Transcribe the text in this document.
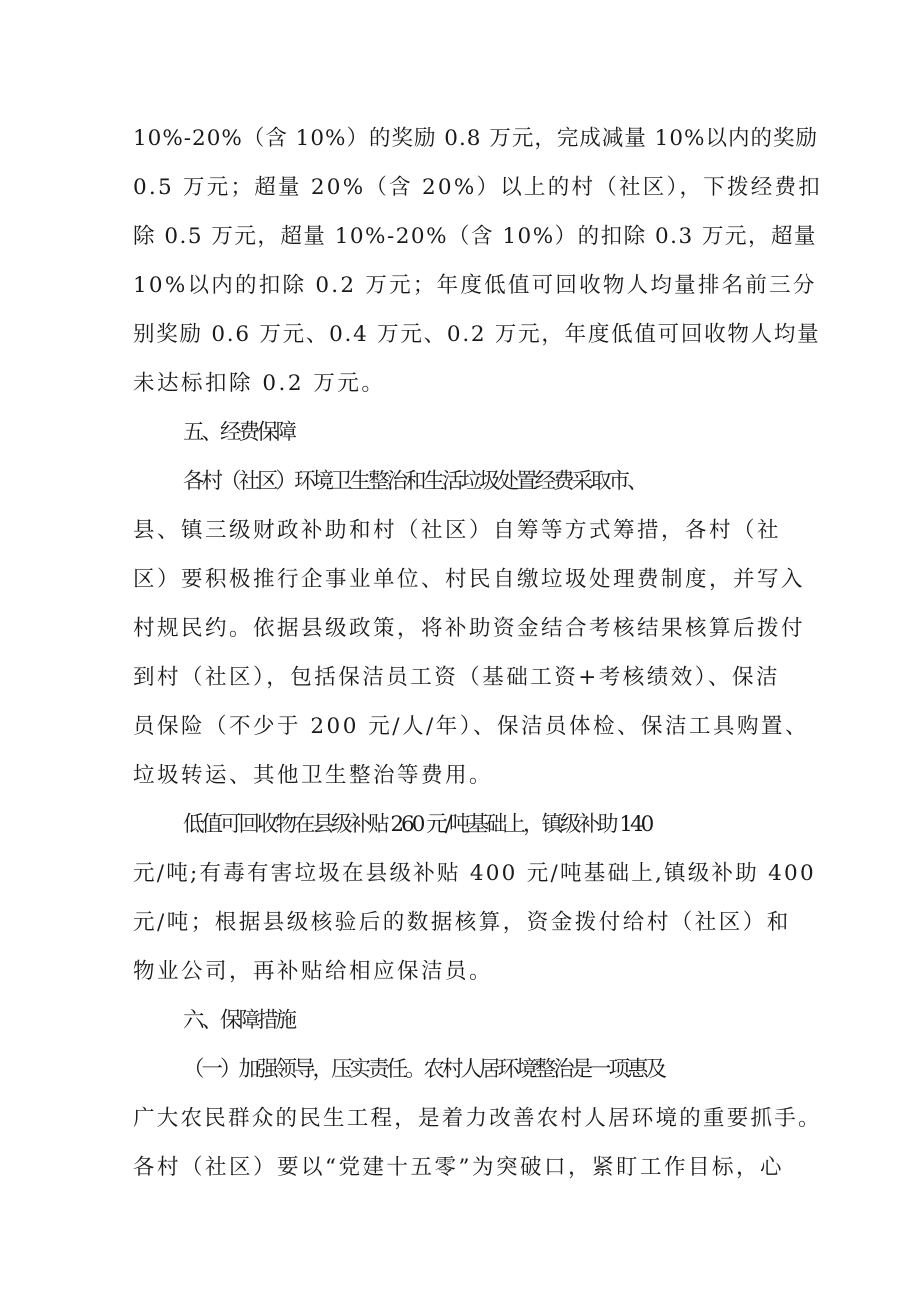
10%-20%（含 10%）的奖励 0.8 万元，完成减量 10%以内的奖励
0.5 万元；超量 20%（含 20%）以上的村（社区），下拨经费扣
除 0.5 万元，超量 10%-20%（含 10%）的扣除 0.3 万元，超量
10%以内的扣除 0.2 万元；年度低值可回收物人均量排名前三分
别奖励 0.6 万元、0.4 万元、0.2 万元，年度低值可回收物人均量
未达标扣除 0.2 万元。
五、经费保障
各村（社区）环境卫生整治和生活垃圾处置经费采取市、
县、镇三级财政补助和村（社区）自筹等方式筹措，各村（社
区）要积极推行企事业单位、村民自缴垃圾处理费制度，并写入
村规民约。依据县级政策，将补助资金结合考核结果核算后拨付
到村（社区），包括保洁员工资（基础工资+考核绩效）、保洁
员保险（不少于 200 元/人/年）、保洁员体检、保洁工具购置、
垃圾转运、其他卫生整治等费用。
低值可回收物在县级补贴 260 元/吨基础上，镇级补助 140
元/吨;有毒有害垃圾在县级补贴 400 元/吨基础上,镇级补助 400
元/吨；根据县级核验后的数据核算，资金拨付给村（社区）和
物业公司，再补贴给相应保洁员。
六、保障措施
（一）加强领导，压实责任。农村人居环境整治是一项惠及
广大农民群众的民生工程，是着力改善农村人居环境的重要抓手。
各村（社区）要以“党建十五零”为突破口，紧盯工作目标，心
